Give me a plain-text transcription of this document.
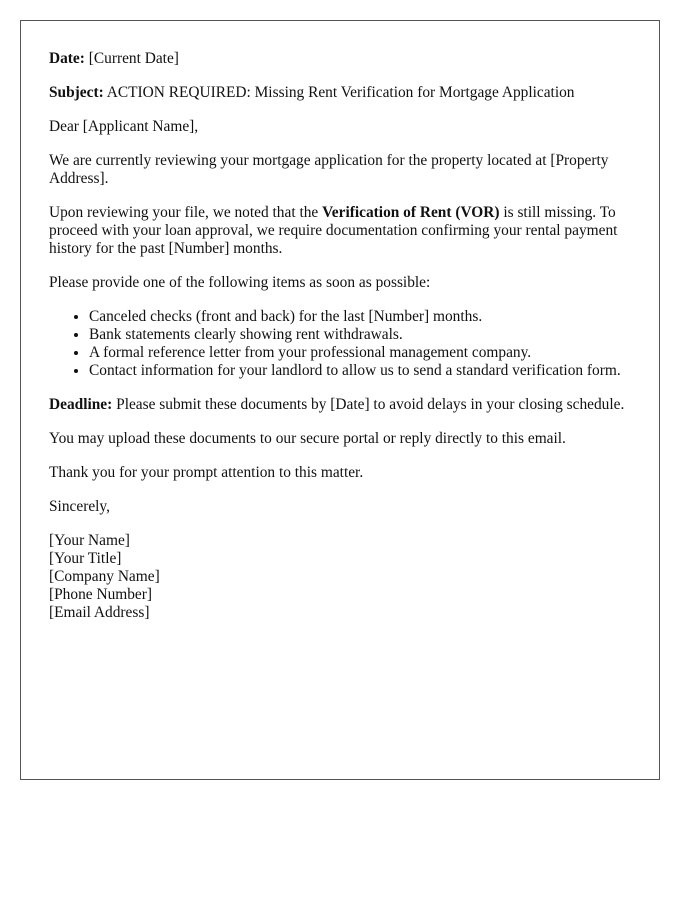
Date: [Current Date]

Subject: ACTION REQUIRED: Missing Rent Verification for Mortgage Application

Dear [Applicant Name],

We are currently reviewing your mortgage application for the property located at [Property Address].

Upon reviewing your file, we noted that the Verification of Rent (VOR) is still missing. To proceed with your loan approval, we require documentation confirming your rental payment history for the past [Number] months.

Please provide one of the following items as soon as possible:

• Canceled checks (front and back) for the last [Number] months.
• Bank statements clearly showing rent withdrawals.
• A formal reference letter from your professional management company.
• Contact information for your landlord to allow us to send a standard verification form.

Deadline: Please submit these documents by [Date] to avoid delays in your closing schedule.

You may upload these documents to our secure portal or reply directly to this email.

Thank you for your prompt attention to this matter.

Sincerely,

[Your Name]
[Your Title]
[Company Name]
[Phone Number]
[Email Address]
